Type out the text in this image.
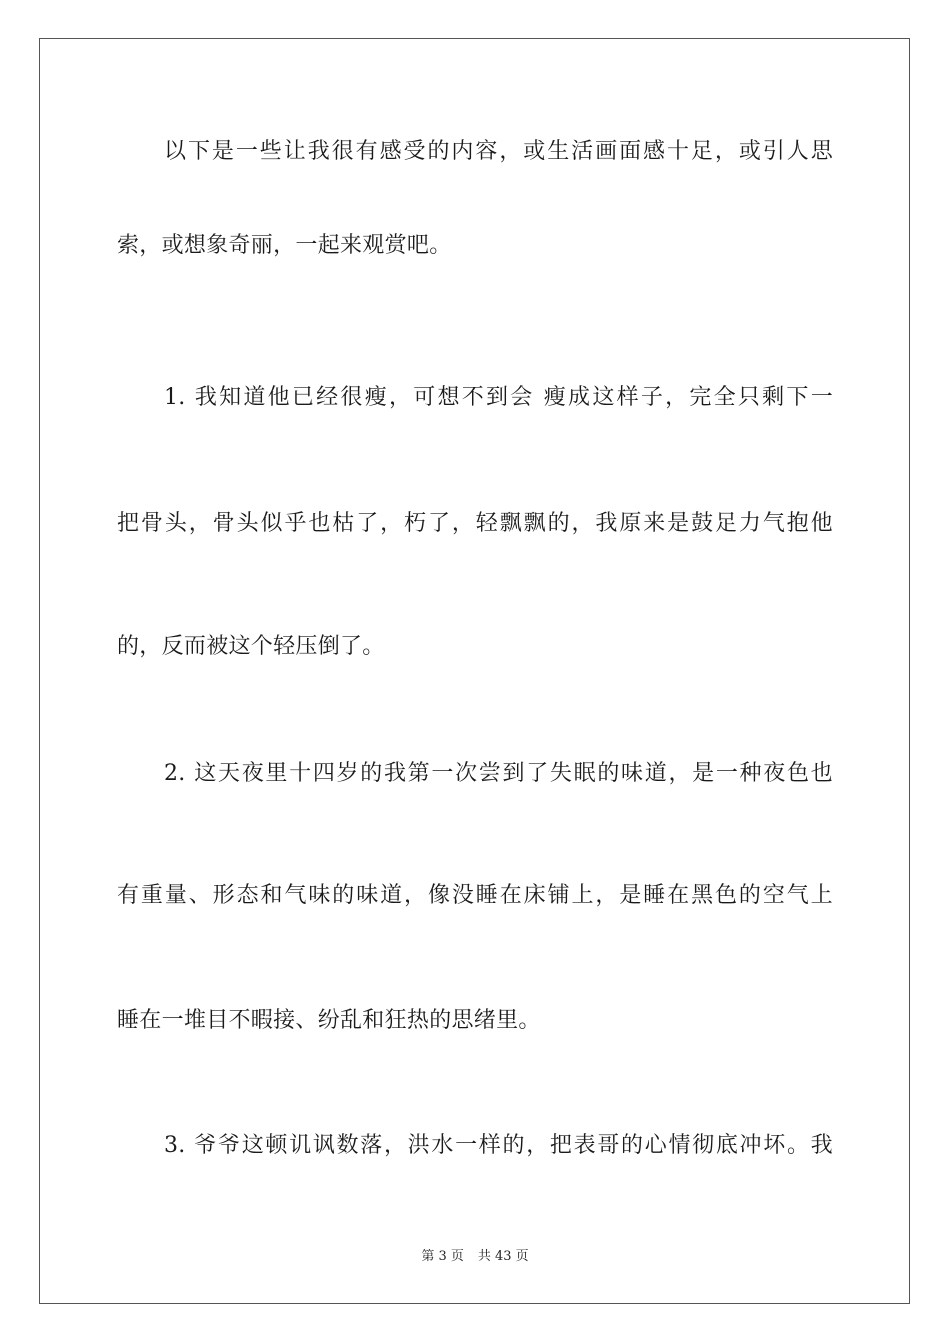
以下是一些让我很有感受的内容，或生活画面感十足，或引人思
索，或想象奇丽，一起来观赏吧。
1. 我知道他已经很瘦，可想不到会 瘦成这样子，完全只剩下一
把骨头，骨头似乎也枯了，朽了，轻飘飘的，我原来是鼓足力气抱他
的，反而被这个轻压倒了。
2. 这天夜里十四岁的我第一次尝到了失眠的味道，是一种夜色也
有重量、形态和气味的味道，像没睡在床铺上，是睡在黑色的空气上
睡在一堆目不暇接、纷乱和狂热的思绪里。
3. 爷爷这顿讥讽数落，洪水一样的，把表哥的心情彻底冲坏。我
第 3 页 共 43 页
